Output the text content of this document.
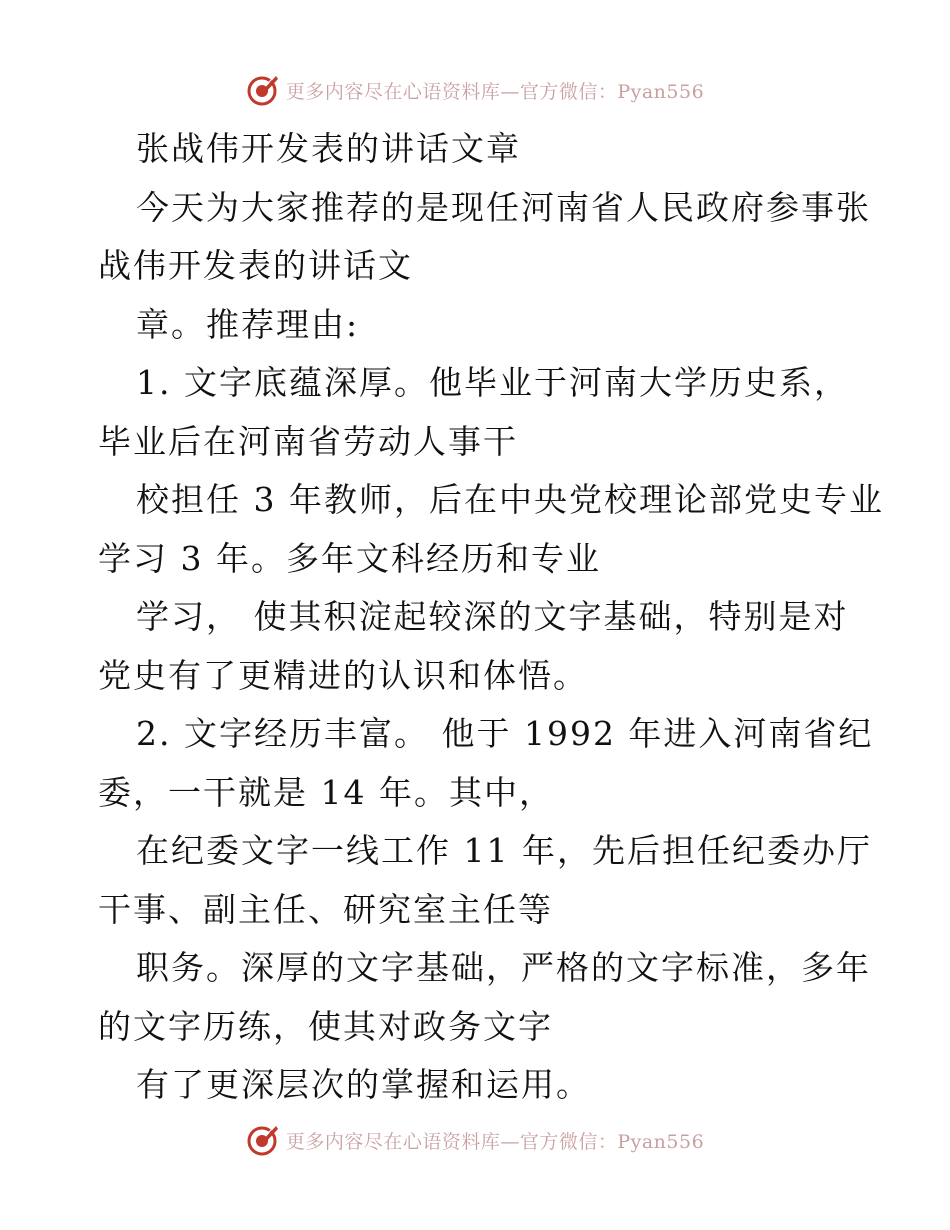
更多内容尽在心语资料库—官方微信：Pyan556
张战伟开发表的讲话文章
今天为大家推荐的是现任河南省人民政府参事张
战伟开发表的讲话文
章。推荐理由:
1. 文字底蕴深厚。他毕业于河南大学历史系，
毕业后在河南省劳动人事干
校担任 3 年教师，后在中央党校理论部党史专业
学习 3 年。多年文科经历和专业
学习， 使其积淀起较深的文字基础，特别是对
党史有了更精进的认识和体悟。
2. 文字经历丰富。 他于 1992 年进入河南省纪
委，一干就是 14 年。其中，
在纪委文字一线工作 11 年，先后担任纪委办厅
干事、副主任、研究室主任等
职务。深厚的文字基础，严格的文字标准，多年
的文字历练，使其对政务文字
有了更深层次的掌握和运用。
更多内容尽在心语资料库—官方微信：Pyan556
